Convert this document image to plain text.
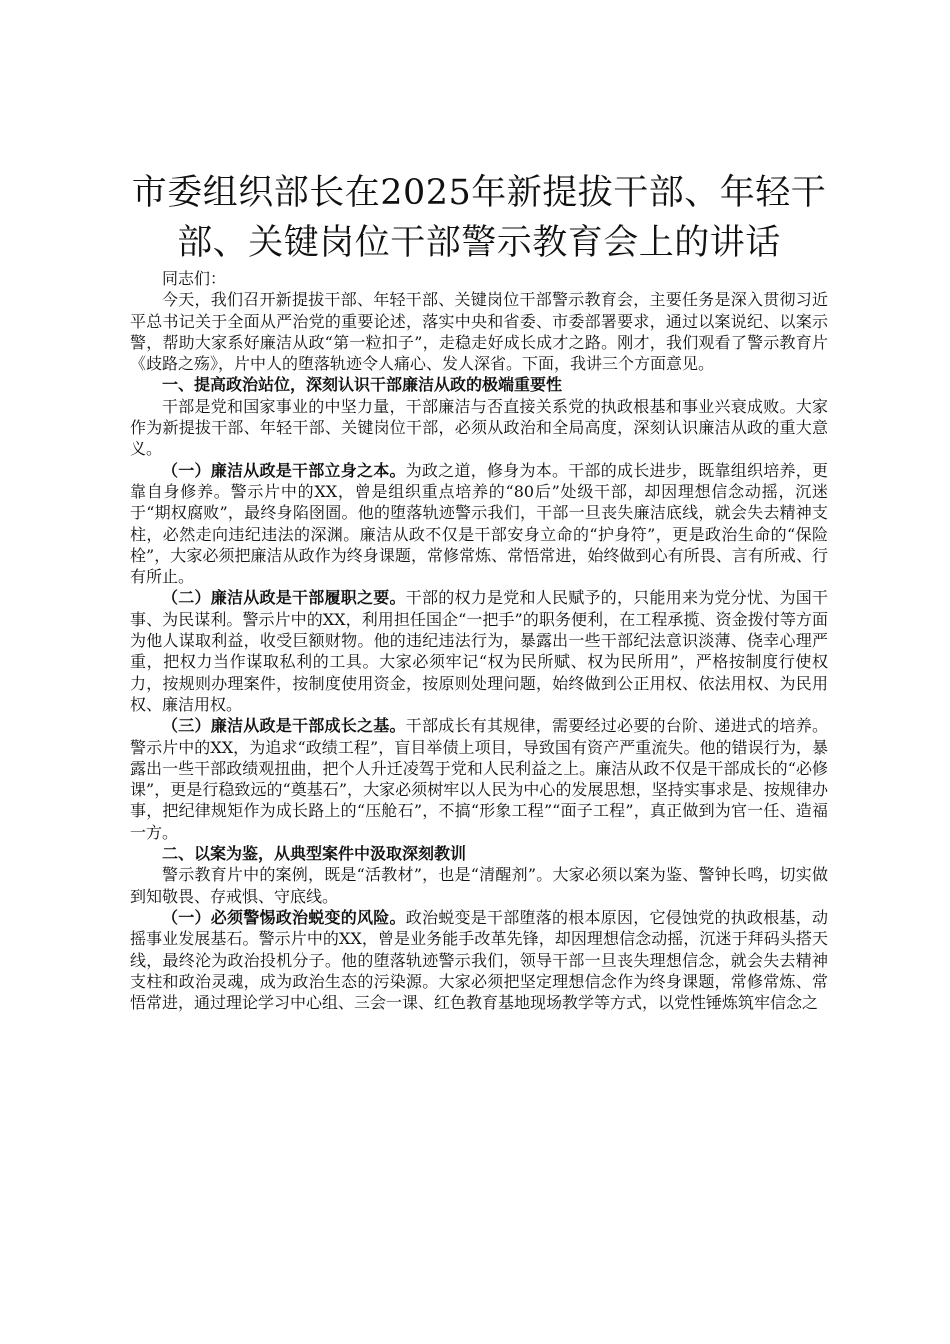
市委组织部长在2025年新提拔干部、年轻干
部、关键岗位干部警示教育会上的讲话

同志们：

今天，我们召开新提拔干部、年轻干部、关键岗位干部警示教育会，主要任务是深入贯彻习近平总书记关于全面从严治党的重要论述，落实中央和省委、市委部署要求，通过以案说纪、以案示警，帮助大家系好廉洁从政“第一粒扣子”，走稳走好成长成才之路。刚才，我们观看了警示教育片《歧路之殇》，片中人的堕落轨迹令人痛心、发人深省。下面，我讲三个方面意见。

一、提高政治站位，深刻认识干部廉洁从政的极端重要性

干部是党和国家事业的中坚力量，干部廉洁与否直接关系党的执政根基和事业兴衰成败。大家作为新提拔干部、年轻干部、关键岗位干部，必须从政治和全局高度，深刻认识廉洁从政的重大意义。

（一）廉洁从政是干部立身之本。为政之道，修身为本。干部的成长进步，既靠组织培养，更靠自身修养。警示片中的XX，曾是组织重点培养的“80后”处级干部，却因理想信念动摇，沉迷于“期权腐败”，最终身陷囹圄。他的堕落轨迹警示我们，干部一旦丧失廉洁底线，就会失去精神支柱，必然走向违纪违法的深渊。廉洁从政不仅是干部安身立命的“护身符”，更是政治生命的“保险栓”，大家必须把廉洁从政作为终身课题，常修常炼、常悟常进，始终做到心有所畏、言有所戒、行有所止。

（二）廉洁从政是干部履职之要。干部的权力是党和人民赋予的，只能用来为党分忧、为国干事、为民谋利。警示片中的XX，利用担任国企“一把手”的职务便利，在工程承揽、资金拨付等方面为他人谋取利益，收受巨额财物。他的违纪违法行为，暴露出一些干部纪法意识淡薄、侥幸心理严重，把权力当作谋取私利的工具。大家必须牢记“权为民所赋、权为民所用”，严格按制度行使权力，按规则办理案件，按制度使用资金，按原则处理问题，始终做到公正用权、依法用权、为民用权、廉洁用权。

（三）廉洁从政是干部成长之基。干部成长有其规律，需要经过必要的台阶、递进式的培养。警示片中的XX，为追求“政绩工程”，盲目举债上项目，导致国有资产严重流失。他的错误行为，暴露出一些干部政绩观扭曲，把个人升迁凌驾于党和人民利益之上。廉洁从政不仅是干部成长的“必修课”，更是行稳致远的“奠基石”，大家必须树牢以人民为中心的发展思想，坚持实事求是、按规律办事，把纪律规矩作为成长路上的“压舱石”，不搞“形象工程”“面子工程”，真正做到为官一任、造福一方。

二、以案为鉴，从典型案件中汲取深刻教训

警示教育片中的案例，既是“活教材”，也是“清醒剂”。大家必须以案为鉴、警钟长鸣，切实做到知敬畏、存戒惧、守底线。

（一）必须警惕政治蜕变的风险。政治蜕变是干部堕落的根本原因，它侵蚀党的执政根基，动摇事业发展基石。警示片中的XX，曾是业务能手改革先锋，却因理想信念动摇，沉迷于拜码头搭天线，最终沦为政治投机分子。他的堕落轨迹警示我们，领导干部一旦丧失理想信念，就会失去精神支柱和政治灵魂，成为政治生态的污染源。大家必须把坚定理想信念作为终身课题，常修常炼、常悟常进，通过理论学习中心组、三会一课、红色教育基地现场教学等方式，以党性锤炼筑牢信念之
